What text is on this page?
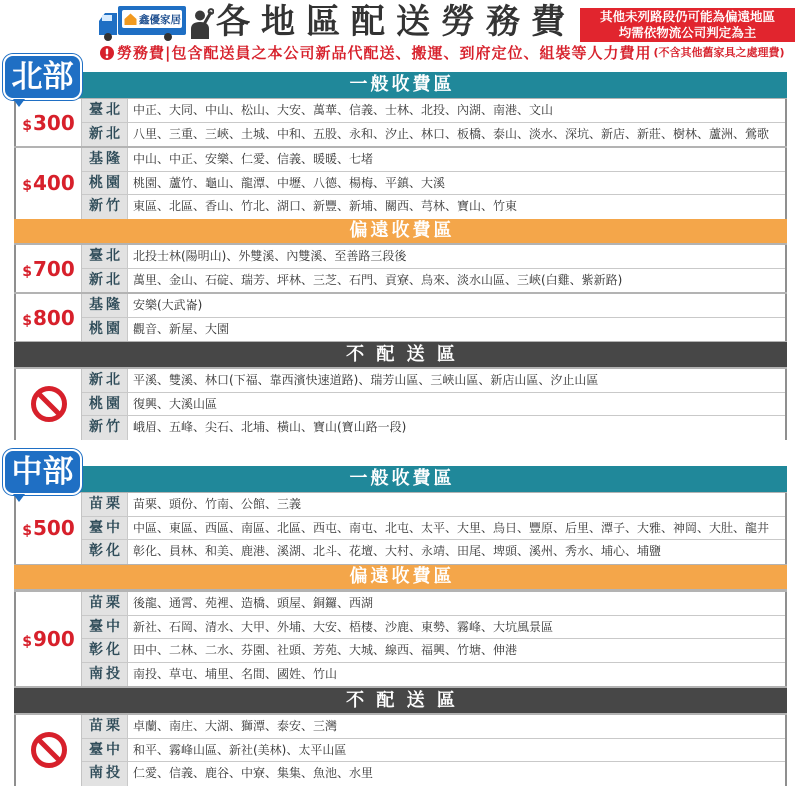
鑫優家居 各地區配送勞務費	其他未列路段仍可能為偏遠地區
均需依物流公司判定為主
勞務費|包含配送員之本公司新品代配送、搬運、到府定位、組裝等人力費用 (不含其他舊家具之處理費)
北部	一般收費區
$300
臺北 中正、大同、中山、松山、大安、萬華、信義、士林、北投、內湖、南港、文山
新北 八里、三重、三峽、土城、中和、五股、永和、汐止、林口、板橋、泰山、淡水、深坑、新店、新莊、樹林、蘆洲、鶯歌
$400
基隆 中山、中正、安樂、仁愛、信義、暖暖、七堵
桃園 桃園、蘆竹、龜山、龍潭、中壢、八德、楊梅、平鎮、大溪
新竹 東區、北區、香山、竹北、湖口、新豐、新埔、關西、芎林、寶山、竹東
偏遠收費區
$700
臺北 北投士林(陽明山)、外雙溪、內雙溪、至善路三段後
新北 萬里、金山、石碇、瑞芳、坪林、三芝、石門、貢寮、烏來、淡水山區、三峽(白雞、紫新路)
$800
基隆 安樂(大武崙)
桃園 觀音、新屋、大園
不 配 送 區
新北 平溪、雙溪、林口(下福、靠西濱快速道路)、瑞芳山區、三峽山區、新店山區、汐止山區
桃園 復興、大溪山區
新竹 峨眉、五峰、尖石、北埔、橫山、寶山(寶山路一段)
中部	一般收費區
$500
苗栗 苗栗、頭份、竹南、公館、三義
臺中 中區、東區、西區、南區、北區、西屯、南屯、北屯、太平、大里、烏日、豐原、后里、潭子、大雅、神岡、大肚、龍井
彰化 彰化、員林、和美、鹿港、溪湖、北斗、花壇、大村、永靖、田尾、埤頭、溪州、秀水、埔心、埔鹽
偏遠收費區
$900
苗栗 後龍、通霄、苑裡、造橋、頭屋、銅鑼、西湖
臺中 新社、石岡、清水、大甲、外埔、大安、梧棲、沙鹿、東勢、霧峰、大坑風景區
彰化 田中、二林、二水、芬園、社頭、芳苑、大城、線西、福興、竹塘、伸港
南投 南投、草屯、埔里、名間、國姓、竹山
不 配 送 區
苗栗 卓蘭、南庄、大湖、獅潭、泰安、三灣
臺中 和平、霧峰山區、新社(美林)、太平山區
南投 仁愛、信義、鹿谷、中寮、集集、魚池、水里
